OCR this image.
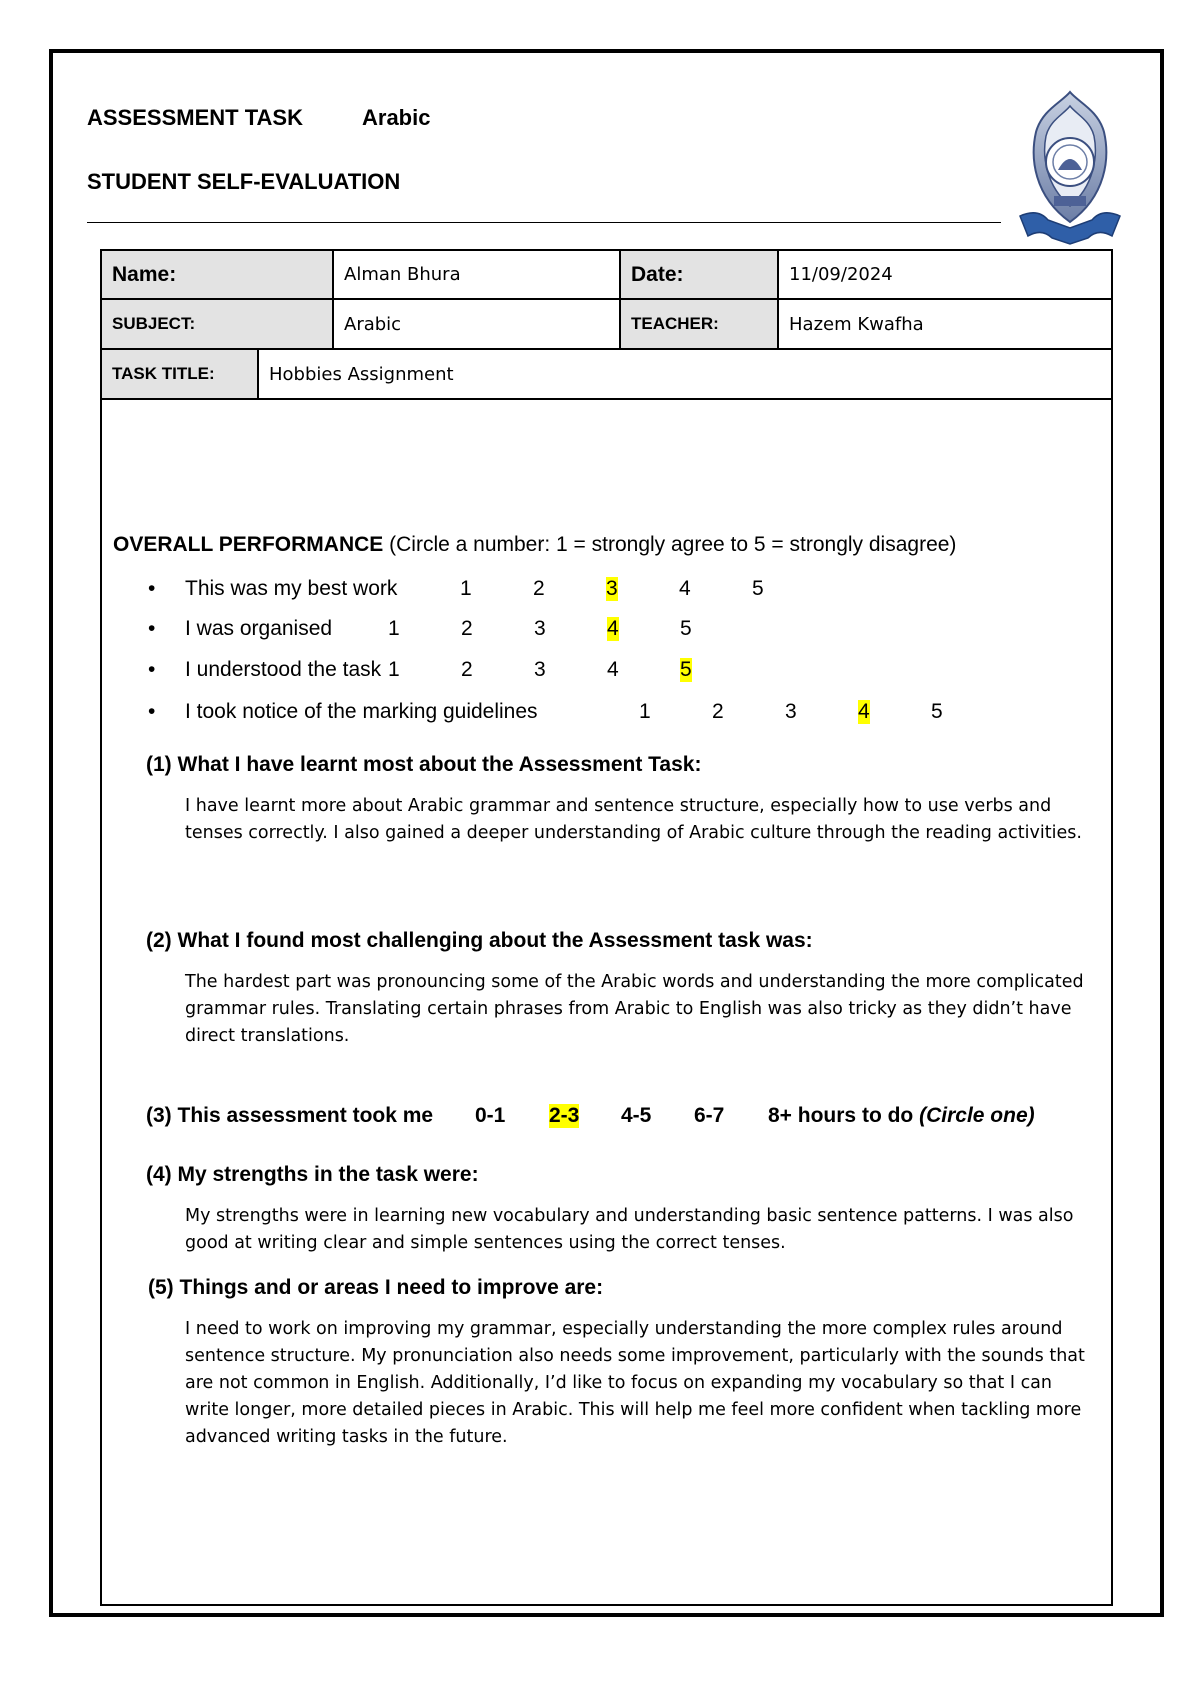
ASSESSMENT TASK	Arabic
STUDENT SELF-EVALUATION
Name:	Alman Bhura	Date:	11/09/2024
SUBJECT:	Arabic	TEACHER:	Hazem Kwafha
TASK TITLE:	Hobbies Assignment
OVERALL PERFORMANCE (Circle a number: 1 = strongly agree to 5 = strongly disagree)
• This was my best work	1	2	3	4	5
• I was organised	1	2	3	4	5
• I understood the task 1	2	3	4	5
• I took notice of the marking guidelines	1	2	3	4	5
(1) What I have learnt most about the Assessment Task:
I have learnt more about Arabic grammar and sentence structure, especially how to use verbs and tenses correctly. I also gained a deeper understanding of Arabic culture through the reading activities.
(2) What I found most challenging about the Assessment task was:
The hardest part was pronouncing some of the Arabic words and understanding the more complicated grammar rules. Translating certain phrases from Arabic to English was also tricky as they didn’t have direct translations.
(3) This assessment took me 0-1 2-3 4-5 6-7 8+ hours to do (Circle one)
(4) My strengths in the task were:
My strengths were in learning new vocabulary and understanding basic sentence patterns. I was also good at writing clear and simple sentences using the correct tenses.
(5) Things and or areas I need to improve are:
I need to work on improving my grammar, especially understanding the more complex rules around sentence structure. My pronunciation also needs some improvement, particularly with the sounds that are not common in English. Additionally, I’d like to focus on expanding my vocabulary so that I can write longer, more detailed pieces in Arabic. This will help me feel more confident when tackling more advanced writing tasks in the future.
